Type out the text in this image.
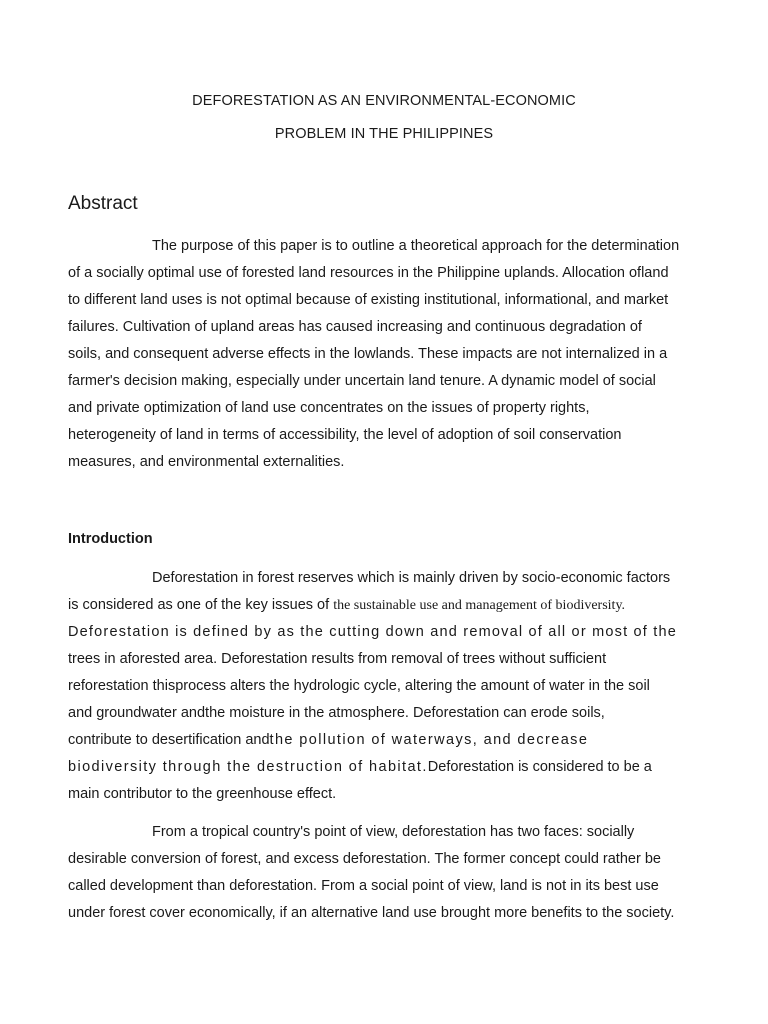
DEFORESTATION AS AN ENVIRONMENTAL-ECONOMIC
PROBLEM IN THE PHILIPPINES
Abstract

The purpose of this paper is to outline a theoretical approach for the determination
of a socially optimal use of forested land resources in the Philippine uplands. Allocation ofland
to different land uses is not optimal because of existing institutional, informational, and market
failures. Cultivation of upland areas has caused increasing and continuous degradation of
soils, and consequent adverse effects in the lowlands. These impacts are not internalized in a
farmer's decision making, especially under uncertain land tenure. A dynamic model of social
and private optimization of land use concentrates on the issues of property rights,
heterogeneity of land in terms of accessibility, the level of adoption of soil conservation
measures, and environmental externalities.

Introduction

Deforestation in forest reserves which is mainly driven by socio-economic factors
is considered as one of the key issues of the sustainable use and management of biodiversity.
Deforestation is defined by as the cutting down and removal of all or most of the
trees in aforested area. Deforestation results from removal of trees without sufficient
reforestation thisprocess alters the hydrologic cycle, altering the amount of water in the soil
and groundwater andthe moisture in the atmosphere. Deforestation can erode soils,
contribute to desertification andthe pollution of waterways, and decrease
biodiversity through the destruction of habitat.Deforestation is considered to be a
main contributor to the greenhouse effect.

From a tropical country's point of view, deforestation has two faces: socially
desirable conversion of forest, and excess deforestation. The former concept could rather be
called development than deforestation. From a social point of view, land is not in its best use
under forest cover economically, if an alternative land use brought more benefits to the society.
